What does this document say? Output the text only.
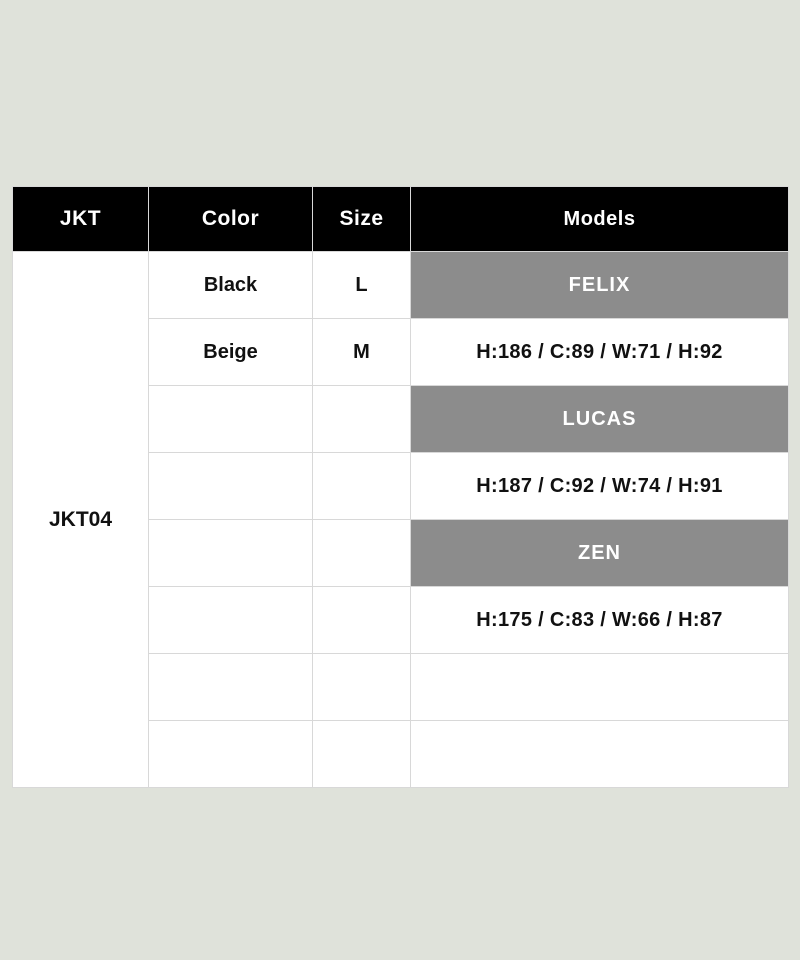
JKT	Color	Size	Models
JKT04	Black	L	FELIX
	Beige	M	H:186 / C:89 / W:71 / H:92
			LUCAS
			H:187 / C:92 / W:74 / H:91
			ZEN
			H:175 / C:83 / W:66 / H:87
